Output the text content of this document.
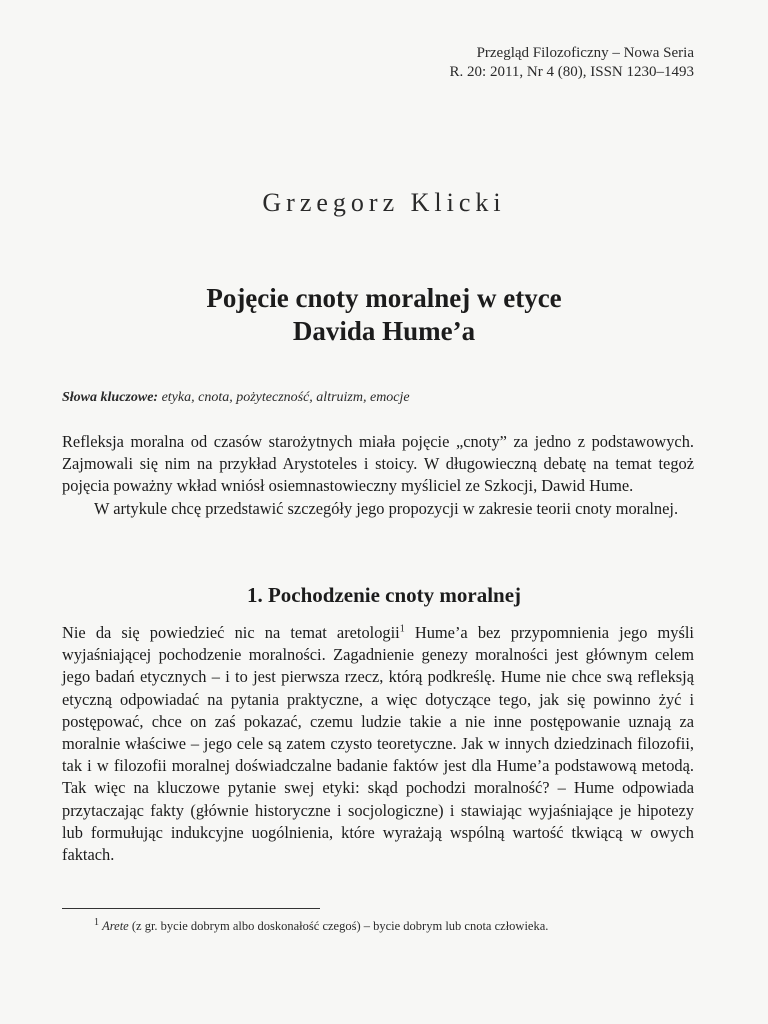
Przegląd Filozoficzny – Nowa Seria
R. 20: 2011, Nr 4 (80), ISSN 1230–1493
Grzegorz Klicki
Pojęcie cnoty moralnej w etyce
Davida Hume’a
Słowa kluczowe: etyka, cnota, pożyteczność, altruizm, emocje

Refleksja moralna od czasów starożytnych miała pojęcie „cnoty” za jedno z podstawowych. Zajmowali się nim na przykład Arystoteles i stoicy. W długowieczną debatę na temat tegoż pojęcia poważny wkład wniósł osiemnastowieczny myśliciel ze Szkocji, Dawid Hume.

W artykule chcę przedstawić szczegóły jego propozycji w zakresie teorii cnoty moralnej.

1. Pochodzenie cnoty moralnej

Nie da się powiedzieć nic na temat aretologii$^1$ Hume’a bez przypomnienia jego myśli wyjaśniającej pochodzenie moralności. Zagadnienie genezy moralności jest głównym celem jego badań etycznych – i to jest pierwsza rzecz, którą podkreślę. Hume nie chce swą refleksją etyczną odpowiadać na pytania praktyczne, a więc dotyczące tego, jak się powinno żyć i postępować, chce on zaś pokazać, czemu ludzie takie a nie inne postępowanie uznają za moralnie właściwe – jego cele są zatem czysto teoretyczne. Jak w innych dziedzinach filozofii, tak i w filozofii moralnej doświadczalne badanie faktów jest dla Hume’a podstawową metodą. Tak więc na kluczowe pytanie swej etyki: skąd pochodzi moralność? – Hume odpowiada przytaczając fakty (głównie historyczne i socjologiczne) i stawiając wyjaśniające je hipotezy lub formułując indukcyjne uogólnienia, które wyrażają wspólną wartość tkwiącą w owych faktach.

$^1$ Arete (z gr. bycie dobrym albo doskonałość czegoś) – bycie dobrym lub cnota człowieka.
